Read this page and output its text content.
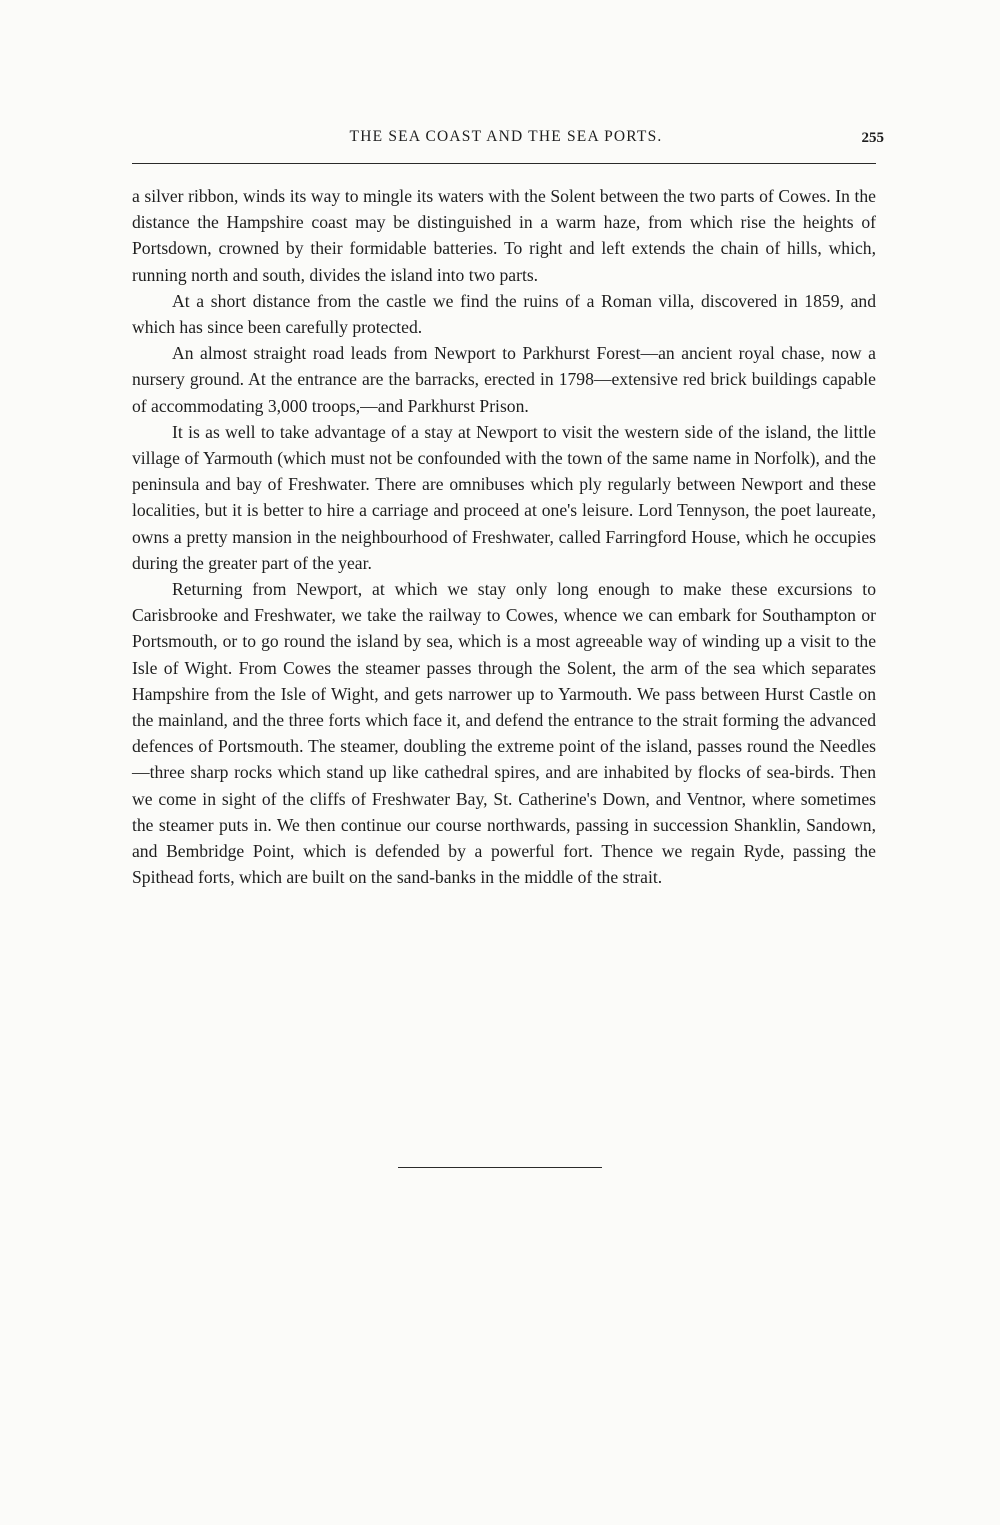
THE SEA COAST AND THE SEA PORTS.	255

a silver ribbon, winds its way to mingle its waters with the Solent between the two parts of Cowes. In the distance the Hampshire coast may be distinguished in a warm haze, from which rise the heights of Portsdown, crowned by their formidable batteries. To right and left extends the chain of hills, which, running north and south, divides the island into two parts.

At a short distance from the castle we find the ruins of a Roman villa, discovered in 1859, and which has since been carefully protected.

An almost straight road leads from Newport to Parkhurst Forest—an ancient royal chase, now a nursery ground. At the entrance are the barracks, erected in 1798—extensive red brick buildings capable of accommodating 3,000 troops,—and Parkhurst Prison.

It is as well to take advantage of a stay at Newport to visit the western side of the island, the little village of Yarmouth (which must not be confounded with the town of the same name in Norfolk), and the peninsula and bay of Freshwater. There are omnibuses which ply regularly between Newport and these localities, but it is better to hire a carriage and proceed at one's leisure. Lord Tennyson, the poet laureate, owns a pretty mansion in the neighbourhood of Freshwater, called Farringford House, which he occupies during the greater part of the year.

Returning from Newport, at which we stay only long enough to make these excursions to Carisbrooke and Freshwater, we take the railway to Cowes, whence we can embark for Southampton or Portsmouth, or to go round the island by sea, which is a most agreeable way of winding up a visit to the Isle of Wight. From Cowes the steamer passes through the Solent, the arm of the sea which separates Hampshire from the Isle of Wight, and gets narrower up to Yarmouth. We pass between Hurst Castle on the mainland, and the three forts which face it, and defend the entrance to the strait forming the advanced defences of Portsmouth. The steamer, doubling the extreme point of the island, passes round the Needles—three sharp rocks which stand up like cathedral spires, and are inhabited by flocks of sea-birds. Then we come in sight of the cliffs of Freshwater Bay, St. Catherine's Down, and Ventnor, where sometimes the steamer puts in. We then continue our course northwards, passing in succession Shanklin, Sandown, and Bembridge Point, which is defended by a powerful fort. Thence we regain Ryde, passing the Spithead forts, which are built on the sand-banks in the middle of the strait.
